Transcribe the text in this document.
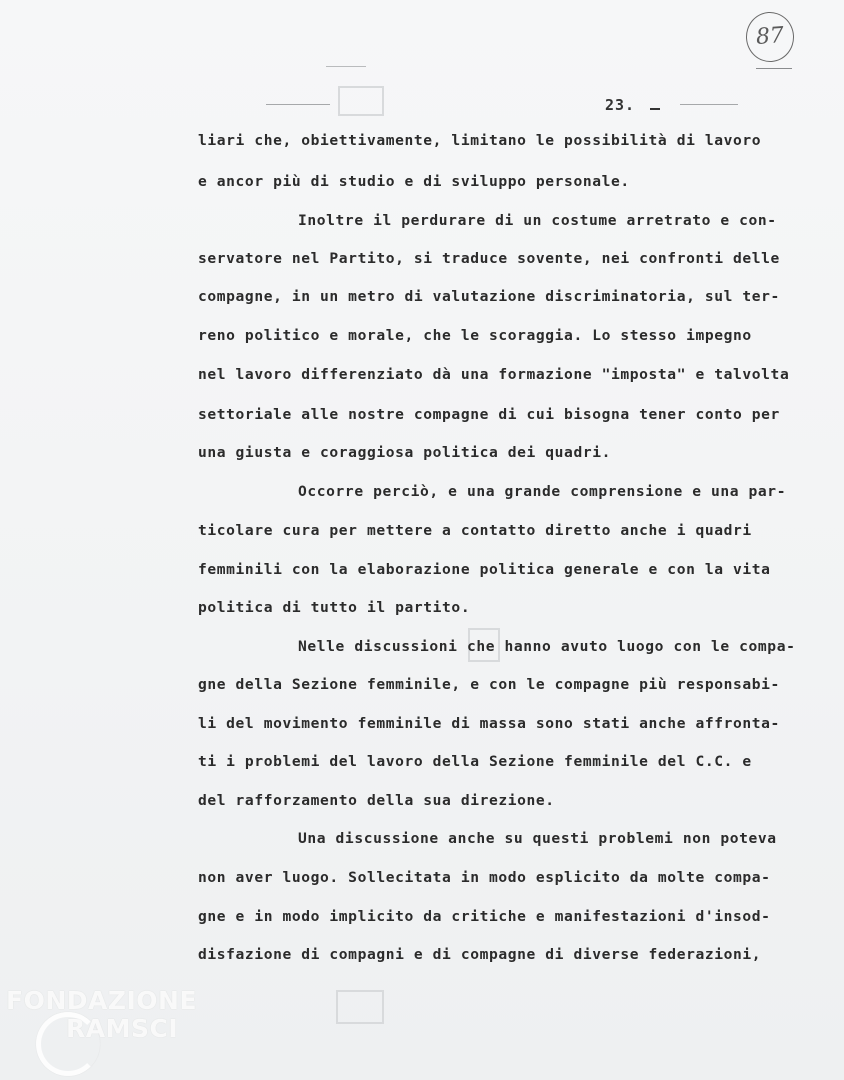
87
23.
liari che, obiettivamente, limitano le possibilità di lavoro
e ancor più di studio e di sviluppo personale.
Inoltre il perdurare di un costume arretrato e con-
servatore nel Partito, si traduce sovente, nei confronti delle
compagne, in un metro di valutazione discriminatoria, sul ter-
reno politico e morale, che le scoraggia. Lo stesso impegno
nel lavoro differenziato dà una formazione "imposta" e talvolta
settoriale alle nostre compagne di cui bisogna tener conto per
una giusta e coraggiosa politica dei quadri.
Occorre perciò, e una grande comprensione e una par-
ticolare cura per mettere a contatto diretto anche i quadri
femminili con la elaborazione politica generale e con la vita
politica di tutto il partito.
Nelle discussioni che hanno avuto luogo con le compa-
gne della Sezione femminile, e con le compagne più responsabi-
li del movimento femminile di massa sono stati anche affronta-
ti i problemi del lavoro della Sezione femminile del C.C. e
del rafforzamento della sua direzione.
Una discussione anche su questi problemi non poteva
non aver luogo. Sollecitata in modo esplicito da molte compa-
gne e in modo implicito da critiche e manifestazioni d'insod-
disfazione di compagni e di compagne di diverse federazioni,
FONDAZIONE
RAMSCI
